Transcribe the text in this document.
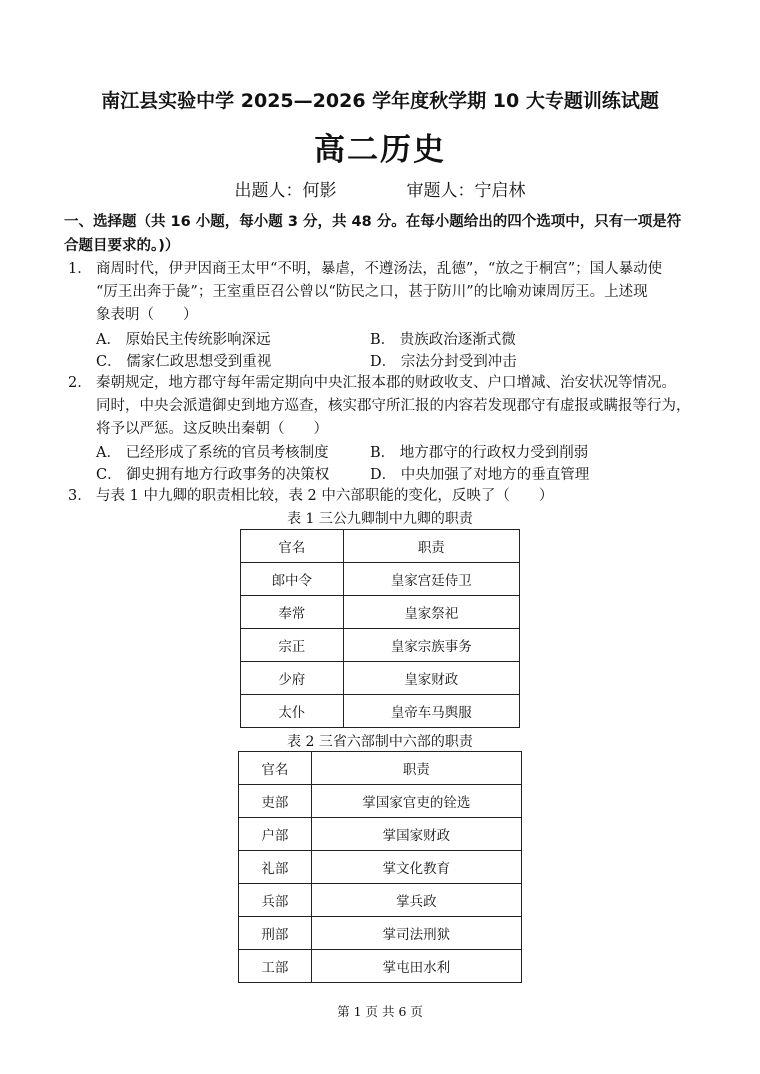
南江县实验中学 2025—2026 学年度秋学期 10 大专题训练试题
高二历史
出题人：何影	审题人：宁启林
一、选择题（共 16 小题，每小题 3 分，共 48 分。在每小题给出的四个选项中，只有一项是符
合题目要求的。)）
1． 商周时代，伊尹因商王太甲“不明，暴虐，不遵汤法，乱德”，“放之于桐宫”；国人暴动使
“厉王出奔于彘”；王室重臣召公曾以“防民之口，甚于防川”的比喻劝谏周厉王。上述现
象表明（　　）
A． 原始民主传统影响深远	B． 贵族政治逐渐式微
C． 儒家仁政思想受到重视	D． 宗法分封受到冲击
2． 秦朝规定，地方郡守每年需定期向中央汇报本郡的财政收支、户口增减、治安状况等情况。
同时，中央会派遣御史到地方巡查，核实郡守所汇报的内容若发现郡守有虚报或瞒报等行为，
将予以严惩。这反映出秦朝（　　）
A． 已经形成了系统的官员考核制度	B． 地方郡守的行政权力受到削弱
C． 御史拥有地方行政事务的决策权	D． 中央加强了对地方的垂直管理
3． 与表 1 中九卿的职责相比较，表 2 中六部职能的变化，反映了（　　）
表 1 三公九卿制中九卿的职责
官名	职责
郎中令	皇家宫廷侍卫
奉常	皇家祭祀
宗正	皇家宗族事务
少府	皇家财政
太仆	皇帝车马舆服
表 2 三省六部制中六部的职责
官名	职责
吏部	掌国家官吏的铨选
户部	掌国家财政
礼部	掌文化教育
兵部	掌兵政
刑部	掌司法刑狱
工部	掌屯田水利
第 1 页 共 6 页
